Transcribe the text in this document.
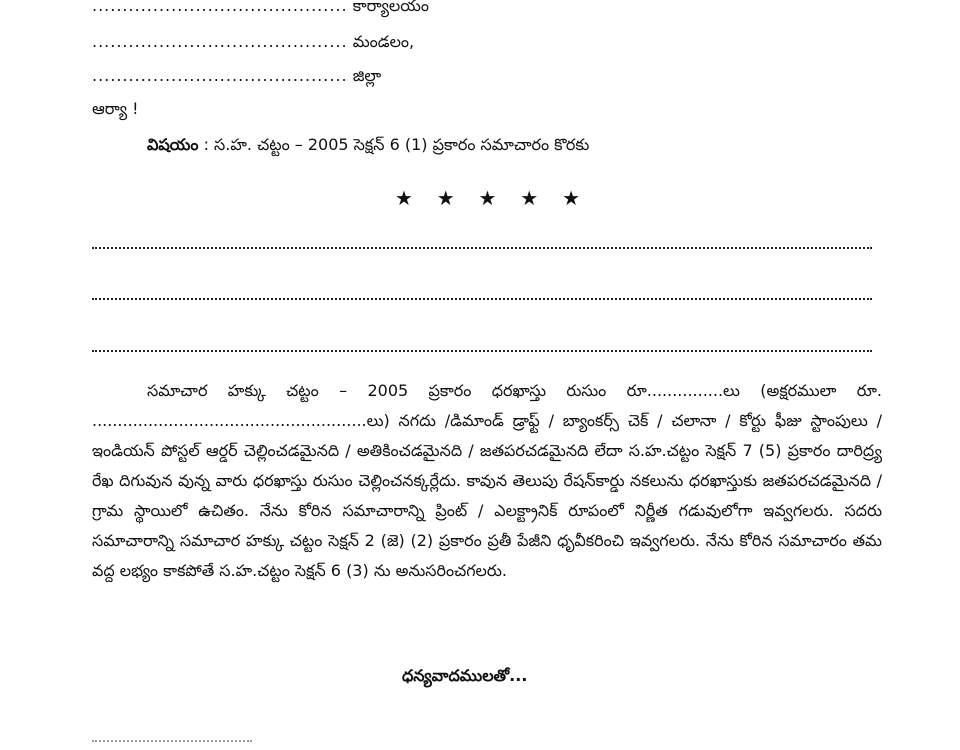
.......................................... కార్యాలయం
.......................................... మండలం,
.......................................... జిల్లా
ఆర్యా !
విషయం : స.హ. చట్టం – 2005 సెక్షన్ 6 (1) ప్రకారం సమాచారం కొరకు
★ ★ ★ ★ ★

సమాచార హక్కు చట్టం – 2005 ప్రకారం ధరఖాస్తు రుసుం రూ...............లు (అక్షరములా రూ. ......................................................లు) నగదు /డిమాండ్ డ్రాఫ్ట్ / బ్యాంకర్స్ చెక్ / చలానా / కోర్టు ఫీజు స్టాంపులు / ఇండియన్ పోస్టల్ ఆర్డర్ చెల్లించడమైనది / అతికించడమైనది / జతపరచడమైనది లేదా స.హ.చట్టం సెక్షన్ 7 (5) ప్రకారం దారిద్ర్య రేఖ దిగువున వున్న వారు ధరఖాస్తు రుసుం చెల్లించనక్కర్లేదు. కావున తెలుపు రేషన్‌కార్డు నకలును ధరఖాస్తుకు జతపరచడమైనది / గ్రామ స్థాయిలో ఉచితం. నేను కోరిన సమాచారాన్ని ప్రింట్ / ఎలక్ట్రానిక్ రూపంలో నిర్ణీత గడువులోగా ఇవ్వగలరు. సదరు సమాచారాన్ని సమాచార హక్కు చట్టం సెక్షన్ 2 (జె) (2) ప్రకారం ప్రతీ పేజీని ధృవీకరించి ఇవ్వగలరు. నేను కోరిన సమాచారం తమ వద్ద లభ్యం కాకపోతే స.హ.చట్టం సెక్షన్ 6 (3) ను అనుసరించగలరు.

ధన్యవాదములతో...
